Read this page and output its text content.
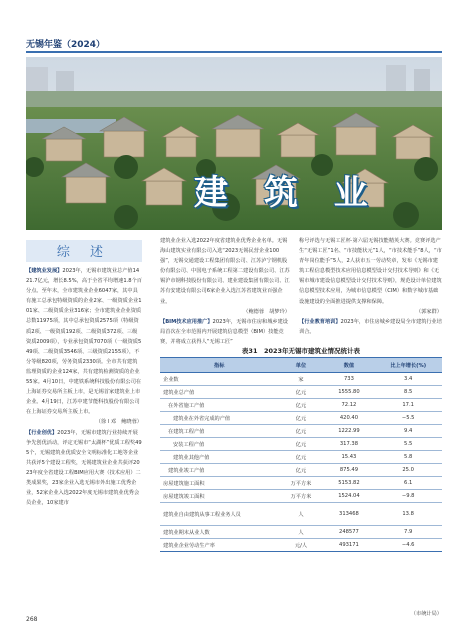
无锡年鉴（2024）
建 筑 业
综 述

【建筑业发展】2023年，无锡市建筑业总产值1421.7亿元，增长8.5%，高于全省平均增速1.8个百分点。至年末，全市建筑业企业6047家，其中具有施工总承包特级资质的企业2家、一级资质企业101家、二级资质企业316家；全市建筑业企业资质总数11975项，其中总承包资质2575项（特级资质2项、一级资质192项、二级资质372项、三级资质2009项），专业承包资质7070项（一级资质549项、二级资质3546项、三级资质2155项），不分等级820项，劳务资质2330项。全市共有建筑监理资质的企业124家，共有建筑检测资质的企业55家。4月10日，中建铁系统科技股份有限公司在上海证券交易所主板上市，是无锡首家建筑业上市企业。4月19日，江苏中建节能科技股份有限公司在上海证券交易所主板上市。

（徐 l 邓　鲍晓蓉）

【行业创优】2023年，无锡市建筑行业持续开展争先创优活动，评定无锡市“太湖杯”优质工程奖495个，无锡建筑业优质安全文明标准化工地等企业共获评5个建设工程奖，无锡建筑业企业共获评2023年度全省建设工程BIM应用大赛（技术应用）二类成果奖，23家企业入选无锡市外出施工优秀企业，52家企业入选2022年度无锡市建筑业优秀会员企业，10家建市

建筑业企业入选2022年度省建筑业优秀企业名单。无锡海山建筑实业有限公司入选“2023无锡民营企业100强”，无锡交通建设工程集团有限公司、江苏泸宁钢机股份有限公司、中国电子系统工程第二建设有限公司、江苏锡沪市钢科技股份有限公司、建业建设集团有限公司、江苏有安建设有限公司6家企业入选江苏省建筑业百强企业。

（鲍德蓉　胡梦玲）

【BIM技术应用推广】2023年，无锡市住房和城乡建设局首次在全市范围内开展建筑信息模型（BIM）技能竞赛，并将成立获得人“无锡工匠”

称号评选与无锡工匠杯·第六届无锡技能精英大赛。竞赛评选产生“无锡工匠”1名、“市技能状元”1人，“市技术能手”8人，“市青年岗位能手”5人，2人获市五一劳动奖章，发布《无锡市建筑工程信息模型技术应用信息模型设计交付技术导则》和《无锡市城市建设信息模型设计交付技术导则》，规范设计单位建筑信息模型技术应用，为城市信息模型（CIM）和数字城市基础设施建设的全面推进提供支撑和保障。

（郭家群）

【行业教育培训】2023年，市住房城乡建设局全市建筑行业培训合。

表31　2023年无锡市建筑业情况统计表
指标	单位	数值	比上年增长(%)
企业数	家	733	3.4
建筑业总产值	亿元	1555.80	8.5
在外省施工产值	亿元	72.12	17.1
建筑业在外省完成的产值	亿元	420.40	−5.5
在建筑工程产值	亿元	1222.99	9.4
安装工程产值	亿元	317.38	5.5
建筑业其他产值	亿元	15.43	5.8
建筑业竣工产值	亿元	875.49	25.0
房屋建筑施工面积	万平方米	5153.82	6.1
房屋建筑竣工面积	万平方米	1524.04	−9.8
建筑业自由建筑从事工程业务人员	人	313468	13.8
建筑业期末从业人数	人	248577	7.9
建筑业企业劳动生产率	元/人	493171	−4.6
（市统计局）
268
